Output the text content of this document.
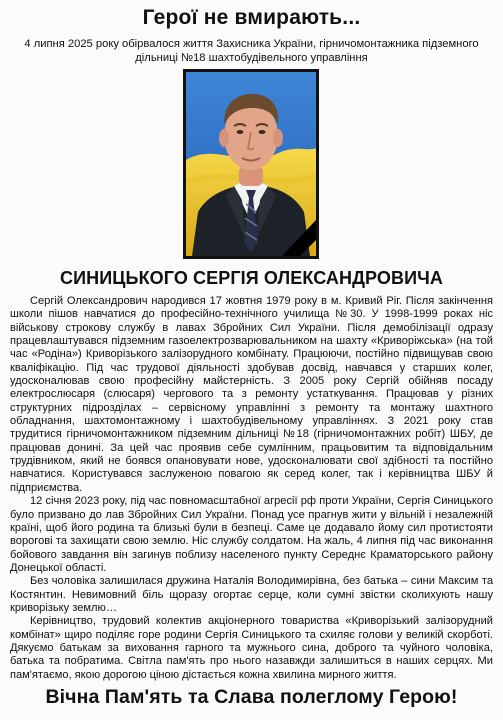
Герої не вмирають...
4 липня 2025 року обірвалося життя Захисника України, гірничомонтажника підземного дільниці №18 шахтобудівельного управління
СИНИЦЬКОГО СЕРГІЯ ОЛЕКСАНДРОВИЧА

Сергій Олександрович народився 17 жовтня 1979 року в м. Кривий Ріг. Після закінчення школи пішов навчатися до професійно-технічного училища №30. У 1998-1999 роках ніс військову строкову службу в лавах Збройних Сил України. Після демобілізації одразу працевлаштувався підземним газоелектрозварювальником на шахту «Криворіжська» (на той час «Родіна») Криворізького залізорудного комбінату. Працюючи, постійно підвищував свою кваліфікацію. Під час трудової діяльності здобував досвід, навчався у старших колег, удосконалював свою професійну майстерність. З 2005 року Сергій обійняв посаду електрослюсаря (слюсаря) чергового та з ремонту устаткування. Працював у різних структурних підрозділах – сервісному управлінні з ремонту та монтажу шахтного обладнання, шахтомонтажному і шахтобудівельному управліннях. З 2021 року став трудитися гірничомонтажником підземним дільниці №18 (гірничомонтажних робіт) ШБУ, де працював донині. За цей час проявив себе сумлінним, працьовитим та відповідальним трудівником, який не боявся опановувати нове, удосконалювати свої здібності та постійно навчатися. Користувався заслуженою повагою як серед колег, так і керівництва ШБУ й підприємства.

12 січня 2023 року, під час повномасштабної агресії рф проти України, Сергія Синицького було призвано до лав Збройних Сил України. Понад усе прагнув жити у вільній і незалежній країні, щоб його родина та близькі були в безпеці. Саме це додавало йому сил протистояти ворогові та захищати свою землю. Ніс службу солдатом. На жаль, 4 липня під час виконання бойового завдання він загинув поблизу населеного пункту Середнє Краматорського району Донецької області.

Без чоловіка залишилася дружина Наталія Володимирівна, без батька – сини Максим та Костянтин. Невимовний біль щоразу огортає серце, коли сумні звістки сколихують нашу криворізьку землю…

Керівництво, трудовий колектив акціонерного товариства «Криворізький залізорудний комбінат» щиро поділяє горе родини Сергія Синицького та схиляє голови у великій скорботі. Дякуємо батькам за виховання гарного та мужнього сина, доброго та чуйного чоловіка, батька та побратима. Світла пам'ять про нього назавжди залишиться в наших серцях. Ми пам'ятаємо, якою дорогою ціною дістається кожна хвилина мирного життя.

Вічна Пам'ять та Слава полеглому Герою!
